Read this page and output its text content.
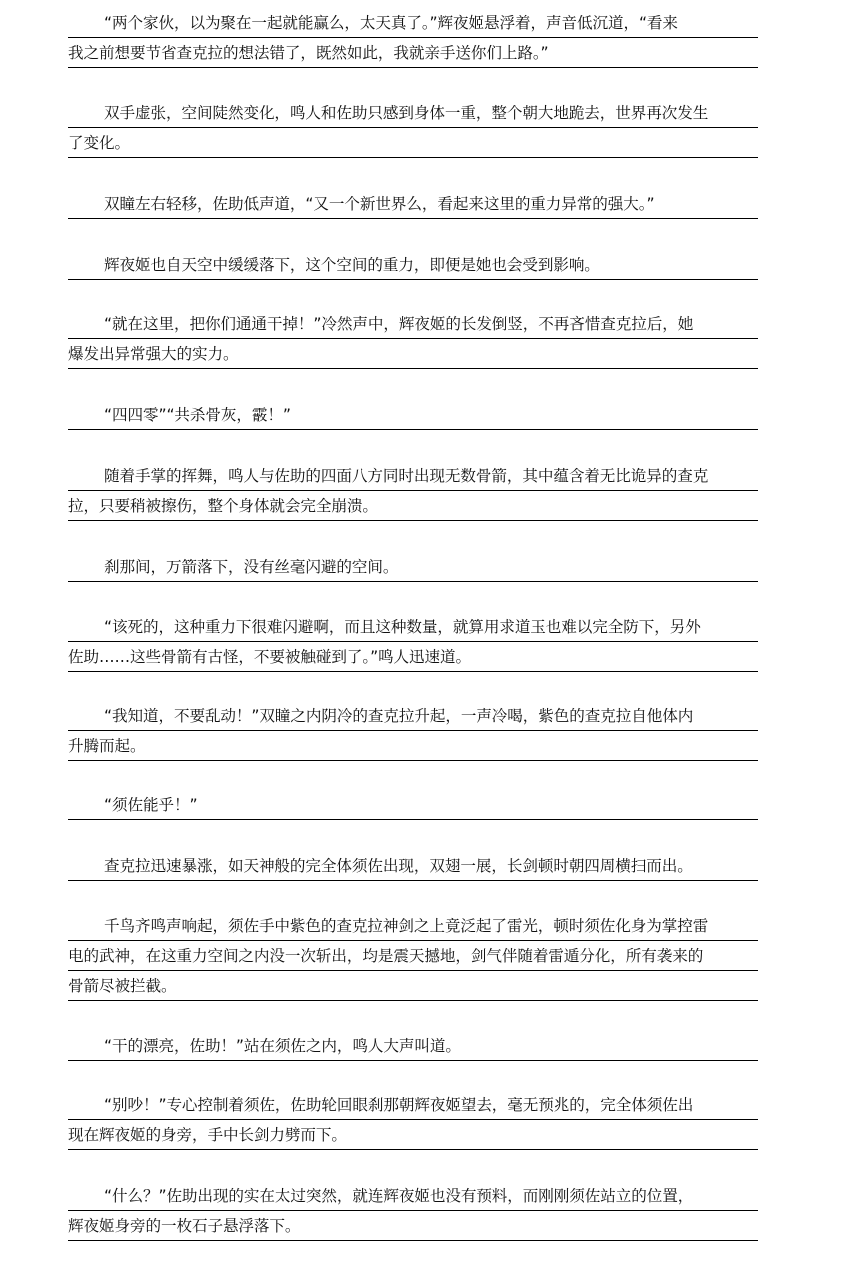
“两个家伙，以为聚在一起就能赢么，太天真了。”辉夜姬悬浮着，声音低沉道，“看来
我之前想要节省查克拉的想法错了，既然如此，我就亲手送你们上路。”
双手虚张，空间陡然变化，鸣人和佐助只感到身体一重，整个朝大地跪去，世界再次发生
了变化。
双瞳左右轻移，佐助低声道，“又一个新世界么，看起来这里的重力异常的强大。”
辉夜姬也自天空中缓缓落下，这个空间的重力，即便是她也会受到影响。
“就在这里，把你们通通干掉！”冷然声中，辉夜姬的长发倒竖，不再吝惜查克拉后，她
爆发出异常强大的实力。
“四四零”“共杀骨灰，霰！”
随着手掌的挥舞，鸣人与佐助的四面八方同时出现无数骨箭，其中蕴含着无比诡异的查克
拉，只要稍被擦伤，整个身体就会完全崩溃。
刹那间，万箭落下，没有丝毫闪避的空间。
“该死的，这种重力下很难闪避啊，而且这种数量，就算用求道玉也难以完全防下，另外
佐助……这些骨箭有古怪，不要被触碰到了。”鸣人迅速道。
“我知道，不要乱动！”双瞳之内阴冷的查克拉升起，一声冷喝，紫色的查克拉自他体内
升腾而起。
“须佐能乎！”
查克拉迅速暴涨，如天神般的完全体须佐出现，双翅一展，长剑顿时朝四周横扫而出。
千鸟齐鸣声响起，须佐手中紫色的查克拉神剑之上竟泛起了雷光，顿时须佐化身为掌控雷
电的武神，在这重力空间之内没一次斩出，均是震天撼地，剑气伴随着雷遁分化，所有袭来的
骨箭尽被拦截。
“干的漂亮，佐助！”站在须佐之内，鸣人大声叫道。
“别吵！”专心控制着须佐，佐助轮回眼刹那朝辉夜姬望去，毫无预兆的，完全体须佐出
现在辉夜姬的身旁，手中长剑力劈而下。
“什么？”佐助出现的实在太过突然，就连辉夜姬也没有预料，而刚刚须佐站立的位置，
辉夜姬身旁的一枚石子悬浮落下。
